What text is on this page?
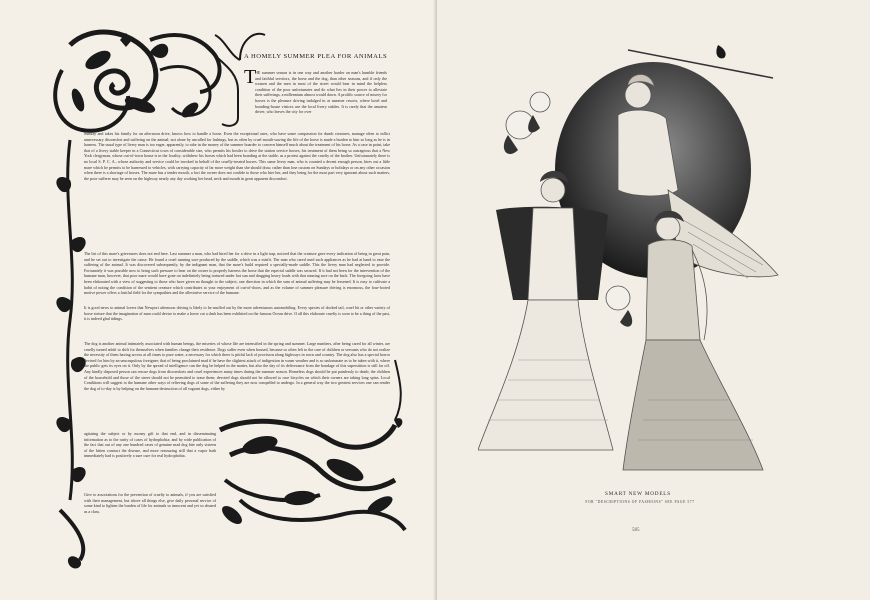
A HOMELY SUMMER PLEA FOR ANIMALS
T

HE summer season is in one way and another harder on man's humble friends and faithful servitors, the horse and the dog, than other seasons, and if only the women and the men in most of the street would bear in mind the helpless condition of the poor unfortunates and do what lies in their power to alleviate their sufferings, a millennium almost would dawn. A prolific source of misery for horses is the pleasure driving indulged in at summer resorts, where hotel and boarding-house visitors use the local livery stables. It is rarely that the amateur driver, who leaves the city for over

Sunday and takes his family for an afternoon drive, knows how to handle a horse. Even the exceptional ones, who have some compassion for dumb creatures, manage often to inflict unnecessary discomfort and suffering on the animal; not alone by uncalled for lashings, but as often by cruel mouth-sawing the life of the horse is made a burden to him so long as he is in harness. The usual type of livery man is too eager, apparently, to rake in the money of the summer boarder to concern himself much about the treatment of his horse. As a case in point, take that of a livery stable keeper in a Connecticut town of considerable size, who permits his hostler to drive the station service horses, his treatment of them being so outrageous that a New York clergyman, whose out-of-town house is in the locality, withdrew his horses which had been boarding at the stable, as a protest against the cruelty of the brother. Unfortunately there is no local S. P. C. A., whose authority and service could be invoked in behalf of the cruelly-treated horses. This same livery man, who is counted a decent enough person, hires out a little mare which he permits to be harnessed to vehicles, with carrying capacity of far more weight than she should draw, rather than lose custom on Sundays or holidays or on any other occasion when there is a shortage of horses. The mare has a tender mouth, a fact the owner does not confide to those who hire her, and they being for the most part very ignorant about such matters, the poor sufferer may be seen on the highway nearly any day working her head, neck and mouth in great apparent discomfort.

The list of this mare's grievances does not end here. Last summer a man, who had hired her for a drive in a light trap, noticed that the creature gave every indication of being in great pain, and he set out to investigate the cause. He found a cruel running sore produced by the saddle, which was a misfit. The man who cared used such appliances as he had at hand to ease the suffering of the animal. It was discovered subsequently, by the indignant man, that the mare's build required a specially-made saddle. This the livery man had neglected to provide. Fortunately it was possible now to bring such pressure to bear on the owner to properly harness the horse that the especial saddle was secured. If it had not been for the intervention of the humane man, however, that poor mare would have gone on indefinitely being tortured under hot sun and dragging heavy loads with that running sore on the back. The foregoing facts have been elaborated with a view of suggesting to those who have given no thought to the subject, one direction in which the sum of animal suffering may be lessened. It is easy to cultivate a habit of noting the condition of the sentient creature which contributes to your enjoyment of out-of-doors, and as the volume of summer pleasure driving is enormous, the four-footed motive power offers a fruitful field for the sympathies and the alleviative service of the humane.

It is good news to animal lovers that Newport afternoon driving is likely to be snuffed out by the more adventurous automobiling. Every species of docked tail, cruel bit or other variety of horse torture that the imagination of man could devise to make a horse cut a dash has been exhibited on the famous Ocean drive. If all this elaborate cruelty is soon to be a thing of the past, it is indeed glad tidings.

The dog is another animal intimately associated with human beings, the miseries of whose life are intensified in the spring and summer. Large numbers, after being cared for all winter, are cruelly turned adrift to shift for themselves when families change their residence. Dogs suffer even when housed, because so often left to the care of children or servants who do not realize the necessity of them having access at all times to pure water, a necessary for which there is pitiful lack of provision along highways in town and country. The dog also has a special horror devised for him by an unscrupulous foreigner; that of being proclaimed mad if he have the slightest attack of indigestion in warm weather and is so unfortunate as to be taken with it, where the public gets its eyes on it. Only by the spread of intelligence can the dog be helped in the matter, but also the day of its deliverance from the bondage of this superstition is still far off. Any kindly disposed person can rescue dogs from discomforts and cruel experiences many times during the summer season. Homeless dogs should be put painlessly to death; the children of the household and those of the street should not be permitted to tease them; devoted dogs should not be allowed to race bicycles on which their owners are taking long spins. Local Conditions will suggest to the humane other ways of relieving dogs of some of the suffering they are now compelled to undergo. In a general way the two greatest services one can render the dog of to-day is by helping on the humane destruction of all vagrant dogs, either by

agitating the subject or by money gift to that end, and in disseminating information as to the rarity of cases of hydrophobia; and by wide publication of the fact that out of any one hundred cases of genuine mad dog bite only sixteen of the bitten contract the disease, and more reassuring still that a vapor bath immediately had is positively a sure cure for real hydrophobia.

Give to associations for the prevention of cruelty to animals, if you are satisfied with their management, but above all things else, give daily personal service of some kind to lighten the burden of life for animals so innocent and yet so abused as a class.

SMART NEW MODELS
FOR "DESCRIPTIONS OF FASHIONS" SEE PAGE 577
585
